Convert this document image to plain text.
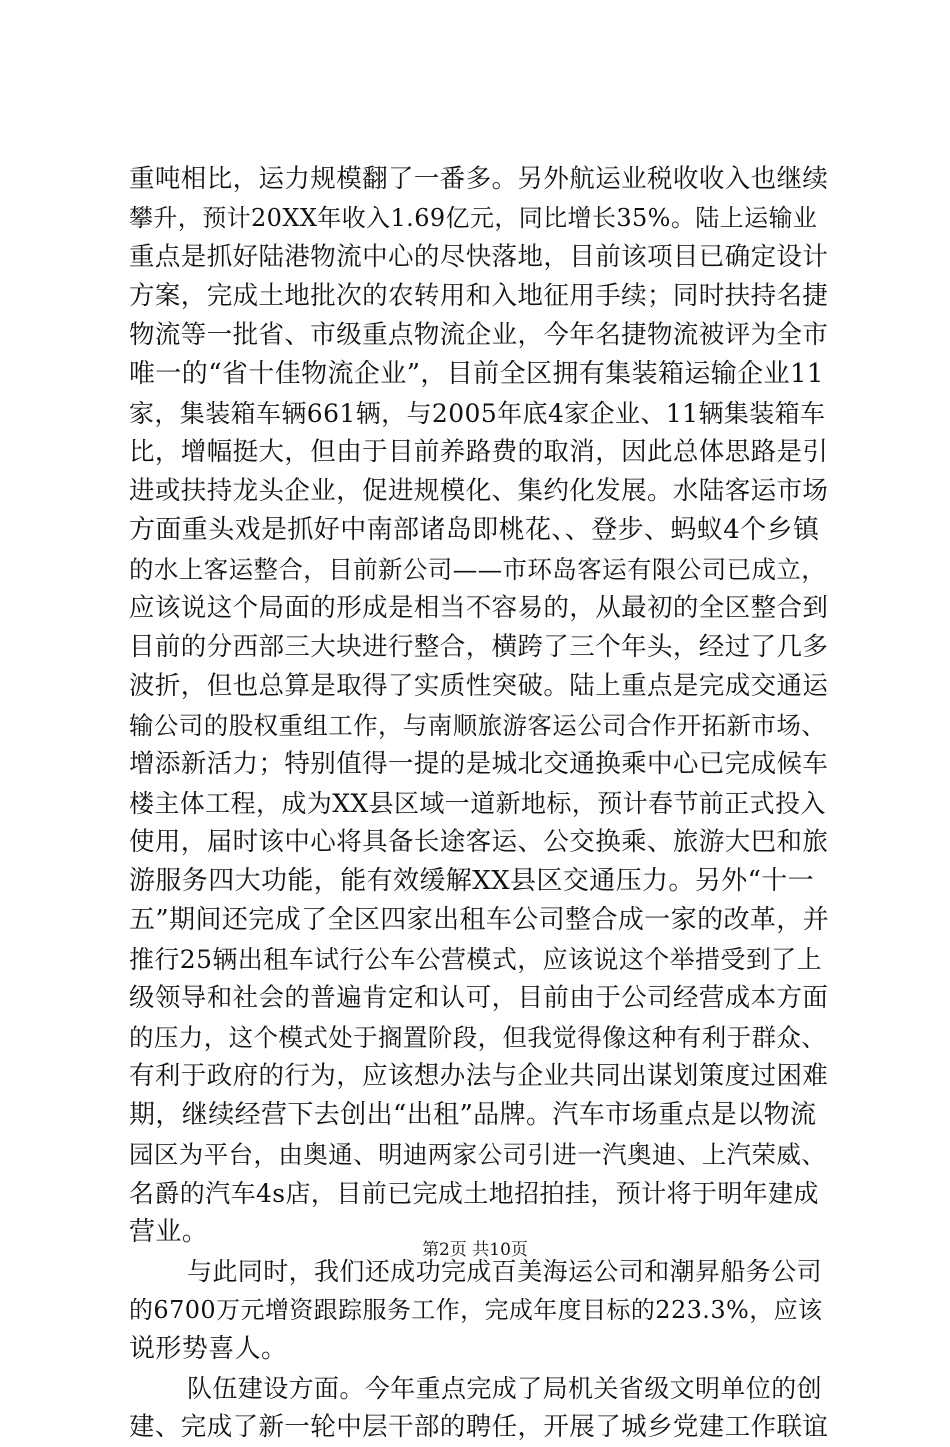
重吨相比，运力规模翻了一番多。另外航运业税收收入也继续
攀升，预计20XX年收入1.69亿元，同比增长35%。陆上运输业
重点是抓好陆港物流中心的尽快落地，目前该项目已确定设计
方案，完成土地批次的农转用和入地征用手续；同时扶持名捷
物流等一批省、市级重点物流企业，今年名捷物流被评为全市
唯一的“省十佳物流企业”，目前全区拥有集装箱运输企业11
家，集装箱车辆661辆，与2005年底4家企业、11辆集装箱车
比，增幅挺大，但由于目前养路费的取消，因此总体思路是引
进或扶持龙头企业，促进规模化、集约化发展。水陆客运市场
方面重头戏是抓好中南部诸岛即桃花、、登步、蚂蚁4个乡镇
的水上客运整合，目前新公司——市环岛客运有限公司已成立，
应该说这个局面的形成是相当不容易的，从最初的全区整合到
目前的分西部三大块进行整合，横跨了三个年头，经过了几多
波折，但也总算是取得了实质性突破。陆上重点是完成交通运
输公司的股权重组工作，与南顺旅游客运公司合作开拓新市场、
增添新活力；特别值得一提的是城北交通换乘中心已完成候车
楼主体工程，成为XX县区域一道新地标，预计春节前正式投入
使用，届时该中心将具备长途客运、公交换乘、旅游大巴和旅
游服务四大功能，能有效缓解XX县区交通压力。另外“十一
五”期间还完成了全区四家出租车公司整合成一家的改革，并
推行25辆出租车试行公车公营模式，应该说这个举措受到了上
级领导和社会的普遍肯定和认可，目前由于公司经营成本方面
的压力，这个模式处于搁置阶段，但我觉得像这种有利于群众、
有利于政府的行为，应该想办法与企业共同出谋划策度过困难
期，继续经营下去创出“出租”品牌。汽车市场重点是以物流
园区为平台，由奥通、明迪两家公司引进一汽奥迪、上汽荣威、
名爵的汽车4s店，目前已完成土地招拍挂，预计将于明年建成
营业。
与此同时，我们还成功完成百美海运公司和潮昇船务公司
的6700万元增资跟踪服务工作，完成年度目标的223.3%，应该
说形势喜人。
队伍建设方面。今年重点完成了局机关省级文明单位的创
建、完成了新一轮中层干部的聘任，开展了城乡党建工作联谊
第2页 共10页
